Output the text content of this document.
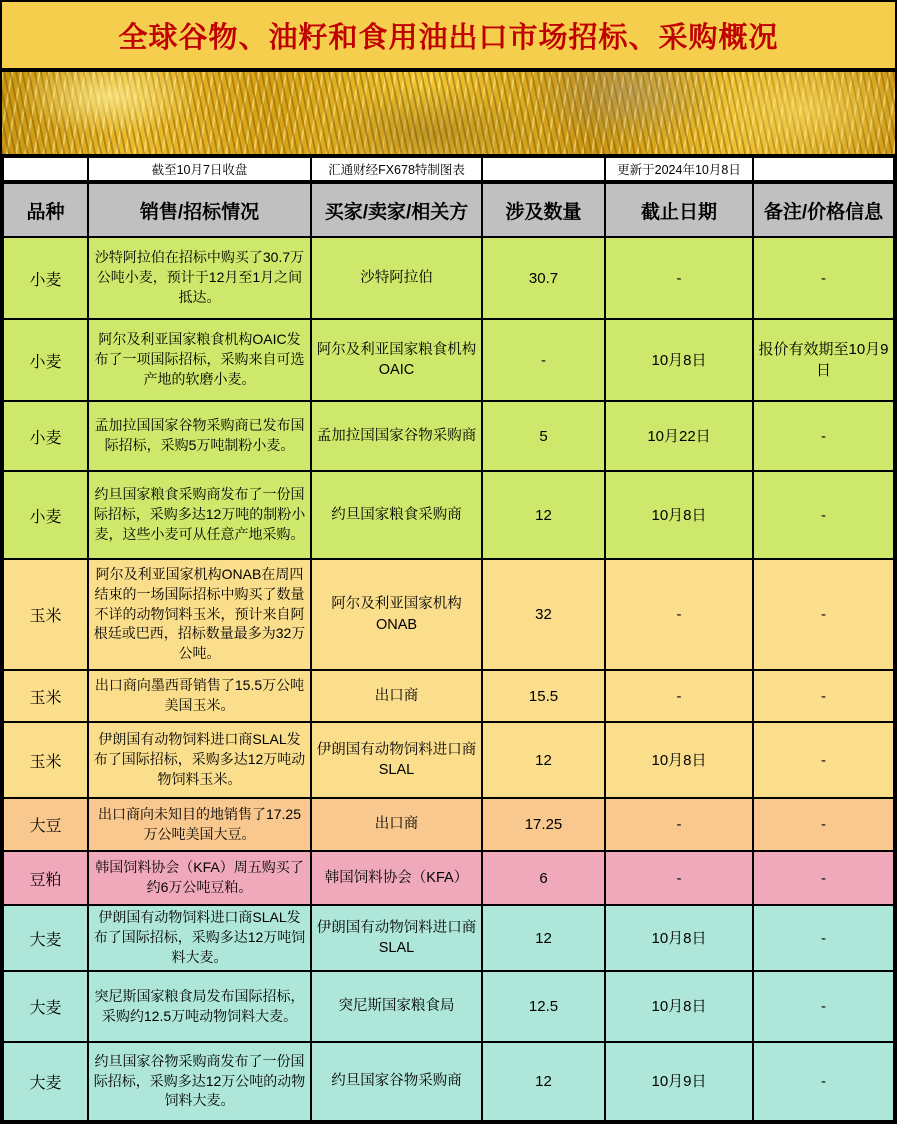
全球谷物、油籽和食用油出口市场招标、采购概况
	截至10月7日收盘	汇通财经FX678特制图表		更新于2024年10月8日	
品种	销售/招标情况	买家/卖家/相关方	涉及数量	截止日期	备注/价格信息
小麦	沙特阿拉伯在招标中购买了30.7万公吨小麦，预计于12月至1月之间抵达。	沙特阿拉伯	30.7	-	-
小麦	阿尔及利亚国家粮食机构OAIC发布了一项国际招标，采购来自可选产地的软磨小麦。	阿尔及利亚国家粮食机构OAIC	-	10月8日	报价有效期至10月9日
小麦	孟加拉国国家谷物采购商已发布国际招标，采购5万吨制粉小麦。	孟加拉国国家谷物采购商	5	10月22日	-
小麦	约旦国家粮食采购商发布了一份国际招标，采购多达12万吨的制粉小麦，这些小麦可从任意产地采购。	约旦国家粮食采购商	12	10月8日	-
玉米	阿尔及利亚国家机构ONAB在周四结束的一场国际招标中购买了数量不详的动物饲料玉米，预计来自阿根廷或巴西，招标数量最多为32万公吨。	阿尔及利亚国家机构ONAB	32	-	-
玉米	出口商向墨西哥销售了15.5万公吨美国玉米。	出口商	15.5	-	-
玉米	伊朗国有动物饲料进口商SLAL发布了国际招标，采购多达12万吨动物饲料玉米。	伊朗国有动物饲料进口商SLAL	12	10月8日	-
大豆	出口商向未知目的地销售了17.25万公吨美国大豆。	出口商	17.25	-	-
豆粕	韩国饲料协会（KFA）周五购买了约6万公吨豆粕。	韩国饲料协会（KFA）	6	-	-
大麦	伊朗国有动物饲料进口商SLAL发布了国际招标，采购多达12万吨饲料大麦。	伊朗国有动物饲料进口商SLAL	12	10月8日	-
大麦	突尼斯国家粮食局发布国际招标，采购约12.5万吨动物饲料大麦。	突尼斯国家粮食局	12.5	10月8日	-
大麦	约旦国家谷物采购商发布了一份国际招标，采购多达12万公吨的动物饲料大麦。	约旦国家谷物采购商	12	10月9日	-
